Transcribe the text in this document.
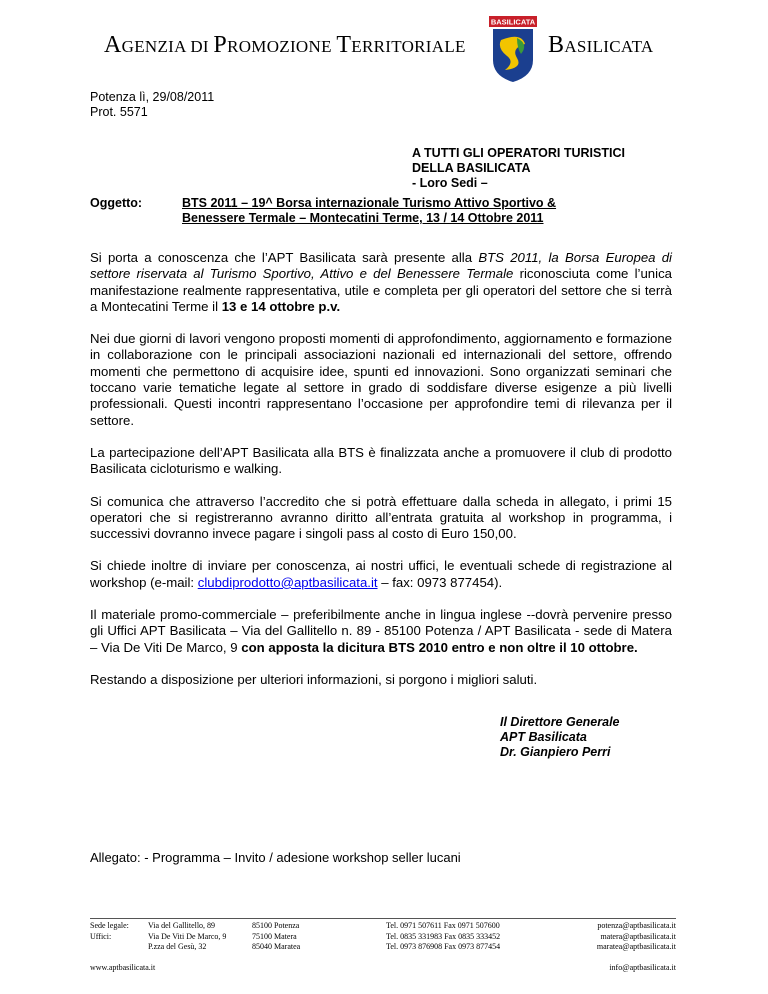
AGENZIA DI PROMOZIONE TERRITORIALE
BASILICATA
BASILICATA
Potenza lì, 29/08/2011
Prot. 5571
A TUTTI GLI OPERATORI TURISTICI
DELLA BASILICATA
- Loro Sedi –
Oggetto:	BTS 2011 – 19^ Borsa internazionale Turismo Attivo Sportivo &
Benessere Termale – Montecatini Terme, 13 / 14 Ottobre 2011

Si porta a conoscenza che l’APT Basilicata sarà presente alla BTS 2011, la Borsa Europea di settore riservata al Turismo Sportivo, Attivo e del Benessere Termale riconosciuta come l’unica manifestazione realmente rappresentativa, utile e completa per gli operatori del settore che si terrà a Montecatini Terme il 13 e 14 ottobre p.v.

Nei due giorni di lavori vengono proposti momenti di approfondimento, aggiornamento e formazione in collaborazione con le principali associazioni nazionali ed internazionali del settore, offrendo momenti che permettono di acquisire idee, spunti ed innovazioni. Sono organizzati seminari che toccano varie tematiche legate al settore in grado di soddisfare diverse esigenze a più livelli professionali. Questi incontri rappresentano l’occasione per approfondire temi di rilevanza per il settore.

La partecipazione dell’APT Basilicata alla BTS è finalizzata anche a promuovere il club di prodotto Basilicata cicloturismo e walking.

Si comunica che attraverso l’accredito che si potrà effettuare dalla scheda in allegato, i primi 15 operatori che si registreranno avranno diritto all’entrata gratuita al workshop in programma, i successivi dovranno invece pagare i singoli pass al costo di Euro 150,00.

Si chiede inoltre di inviare per conoscenza, ai nostri uffici, le eventuali schede di registrazione al workshop (e-mail: clubdiprodotto@aptbasilicata.it – fax: 0973 877454).

Il materiale promo-commerciale – preferibilmente anche in lingua inglese --dovrà pervenire presso gli Uffici APT Basilicata – Via del Gallitello n. 89 - 85100 Potenza / APT Basilicata - sede di Matera – Via De Viti De Marco, 9 con apposta la dicitura BTS 2010 entro e non oltre il 10 ottobre.

Restando a disposizione per ulteriori informazioni, si porgono i migliori saluti.

Il Direttore Generale
APT Basilicata
Dr. Gianpiero Perri
Allegato: - Programma – Invito / adesione workshop seller lucani
Sede legale:
Uffici:
Via del Gallitello, 89
Via De Viti De Marco, 9
P.zza del Gesù, 32
85100 Potenza
75100 Matera
85040 Maratea
Tel. 0971 507611 Fax 0971 507600
Tel. 0835 331983 Fax 0835 333452
Tel. 0973 876908 Fax 0973 877454
potenza@aptbasilicata.it
matera@aptbasilicata.it
maratea@aptbasilicata.it
www.aptbasilicata.it	info@aptbasilicata.it
